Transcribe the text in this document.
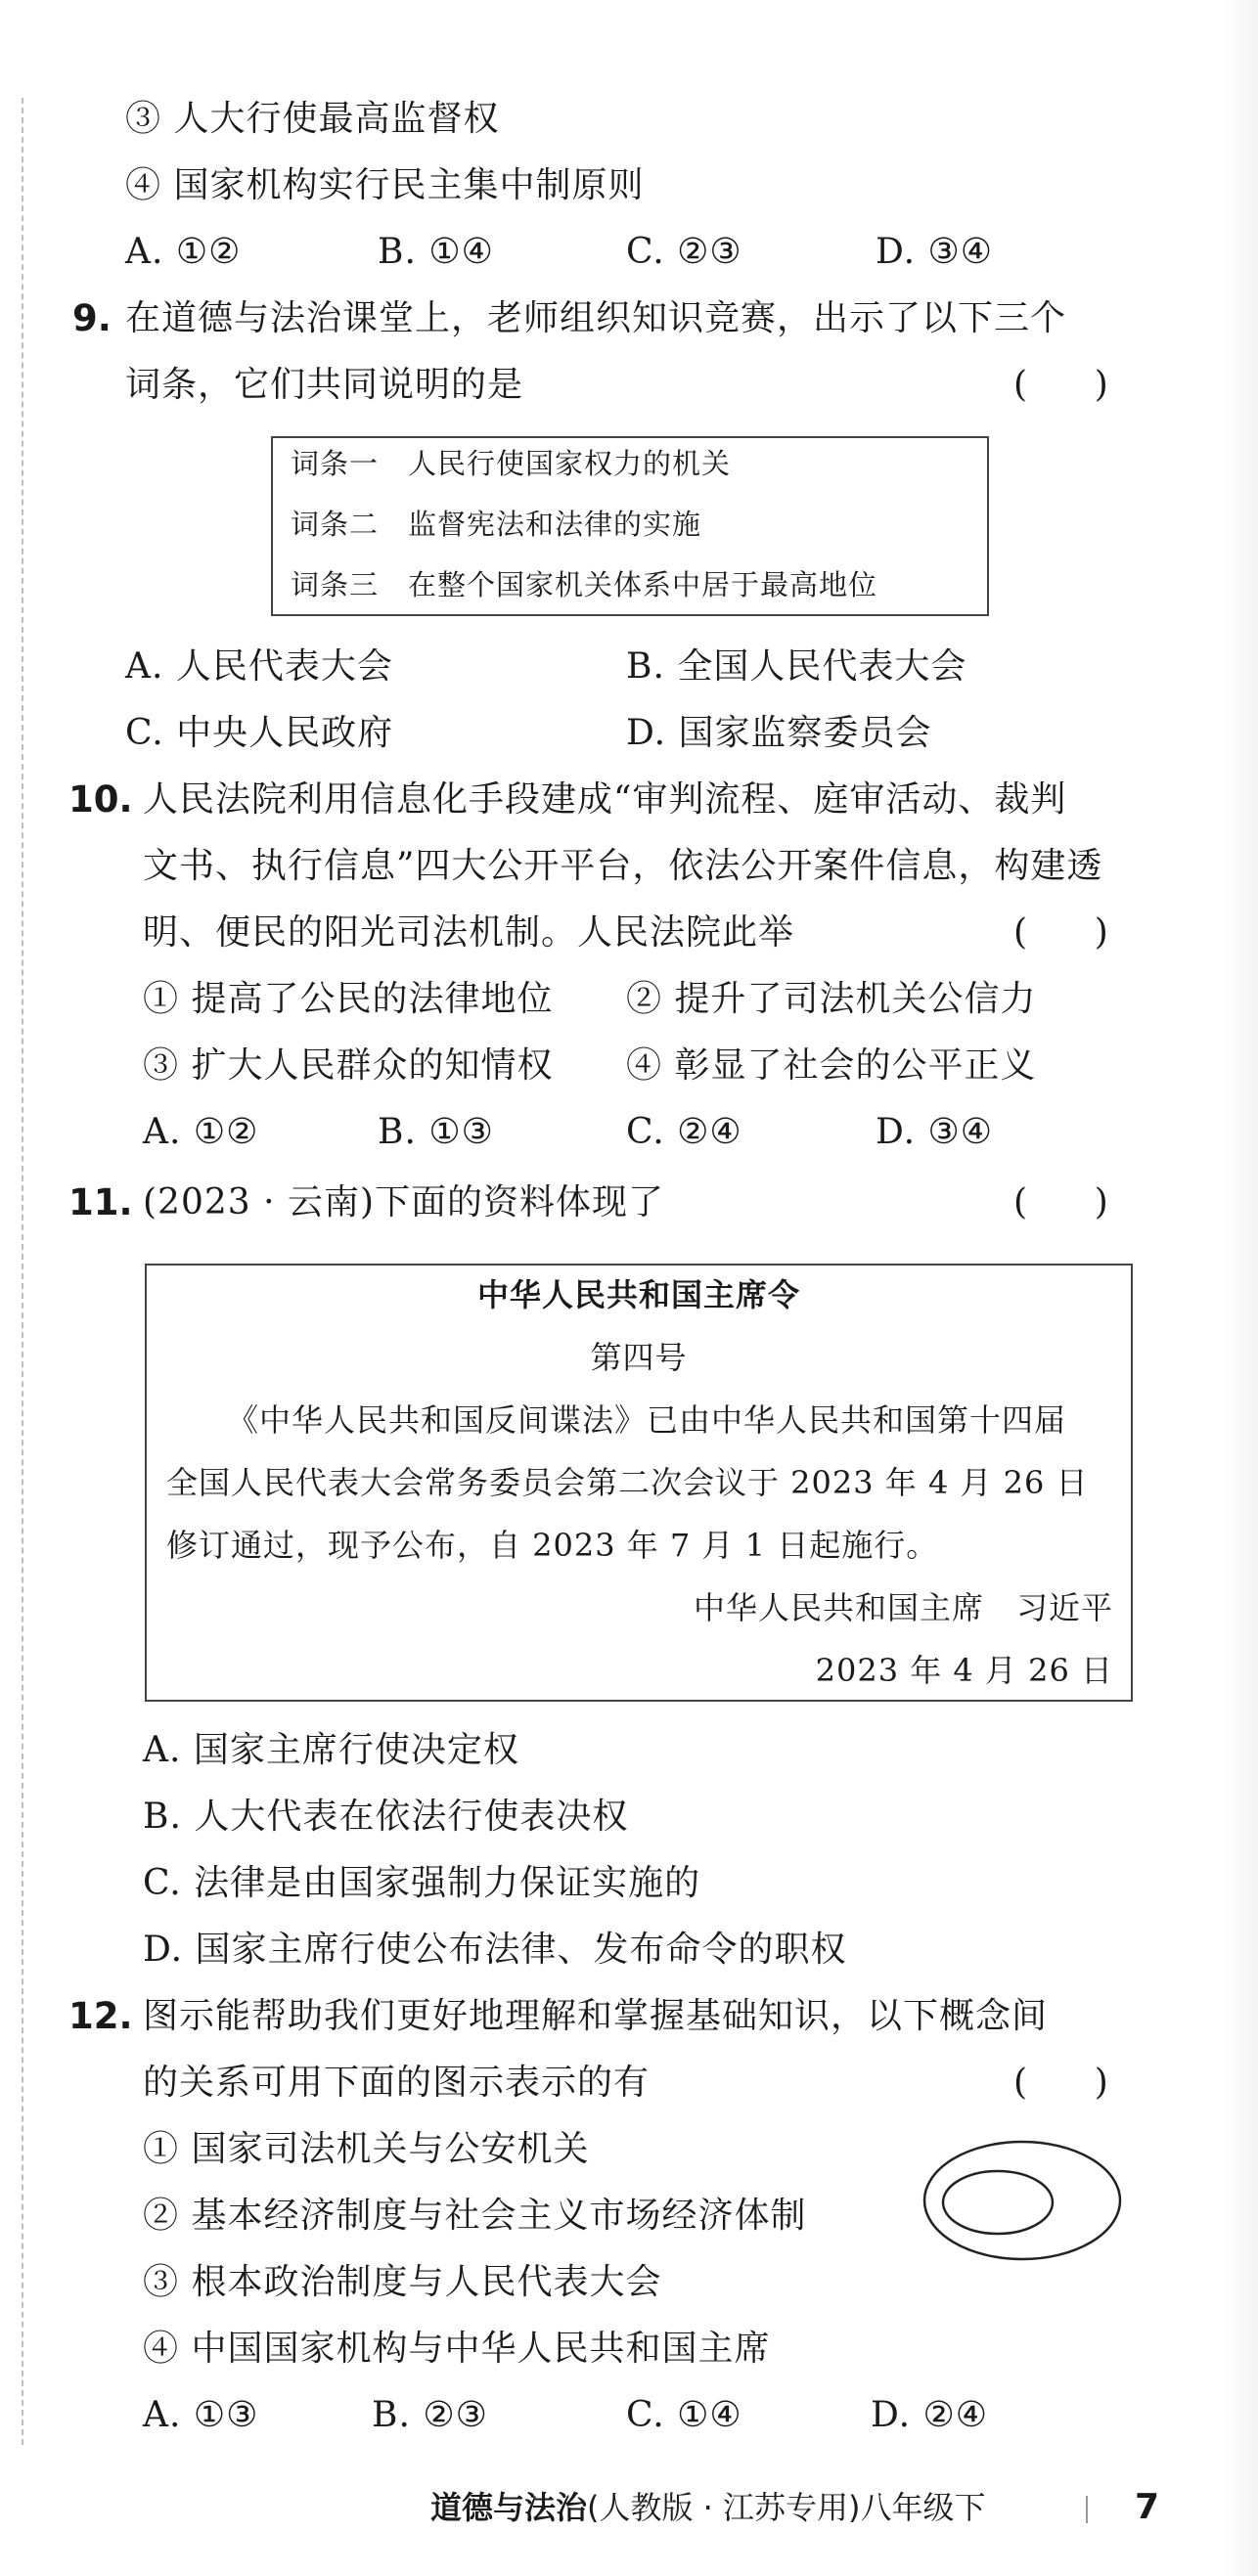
③ 人大行使最高监督权
④ 国家机构实行民主集中制原则
A. ①②	B. ①④	C. ②③	D. ③④
9. 在道德与法治课堂上，老师组织知识竞赛，出示了以下三个
词条，它们共同说明的是	(      )
词条一　人民行使国家权力的机关
词条二　监督宪法和法律的实施
词条三　在整个国家机关体系中居于最高地位
A. 人民代表大会	B. 全国人民代表大会
C. 中央人民政府	D. 国家监察委员会
10. 人民法院利用信息化手段建成“审判流程、庭审活动、裁判
文书、执行信息”四大公开平台，依法公开案件信息，构建透
明、便民的阳光司法机制。人民法院此举	(      )
① 提高了公民的法律地位 ② 提升了司法机关公信力
③ 扩大人民群众的知情权 ④ 彰显了社会的公平正义
A. ①②	B. ①③	C. ②④	D. ③④
11. (2023 · 云南)下面的资料体现了	(      )
中华人民共和国主席令
第四号
《中华人民共和国反间谍法》已由中华人民共和国第十四届
全国人民代表大会常务委员会第二次会议于 2023 年 4 月 26 日
修订通过，现予公布，自 2023 年 7 月 1 日起施行。
中华人民共和国主席　习近平
2023 年 4 月 26 日
A. 国家主席行使决定权
B. 人大代表在依法行使表决权
C. 法律是由国家强制力保证实施的
D. 国家主席行使公布法律、发布命令的职权
12. 图示能帮助我们更好地理解和掌握基础知识，以下概念间
的关系可用下面的图示表示的有	(      )
① 国家司法机关与公安机关
② 基本经济制度与社会主义市场经济体制
③ 根本政治制度与人民代表大会
④ 中国国家机构与中华人民共和国主席
A. ①③	B. ②③	C. ①④	D. ②④
道德与法治(人教版 · 江苏专用)八年级下	7
